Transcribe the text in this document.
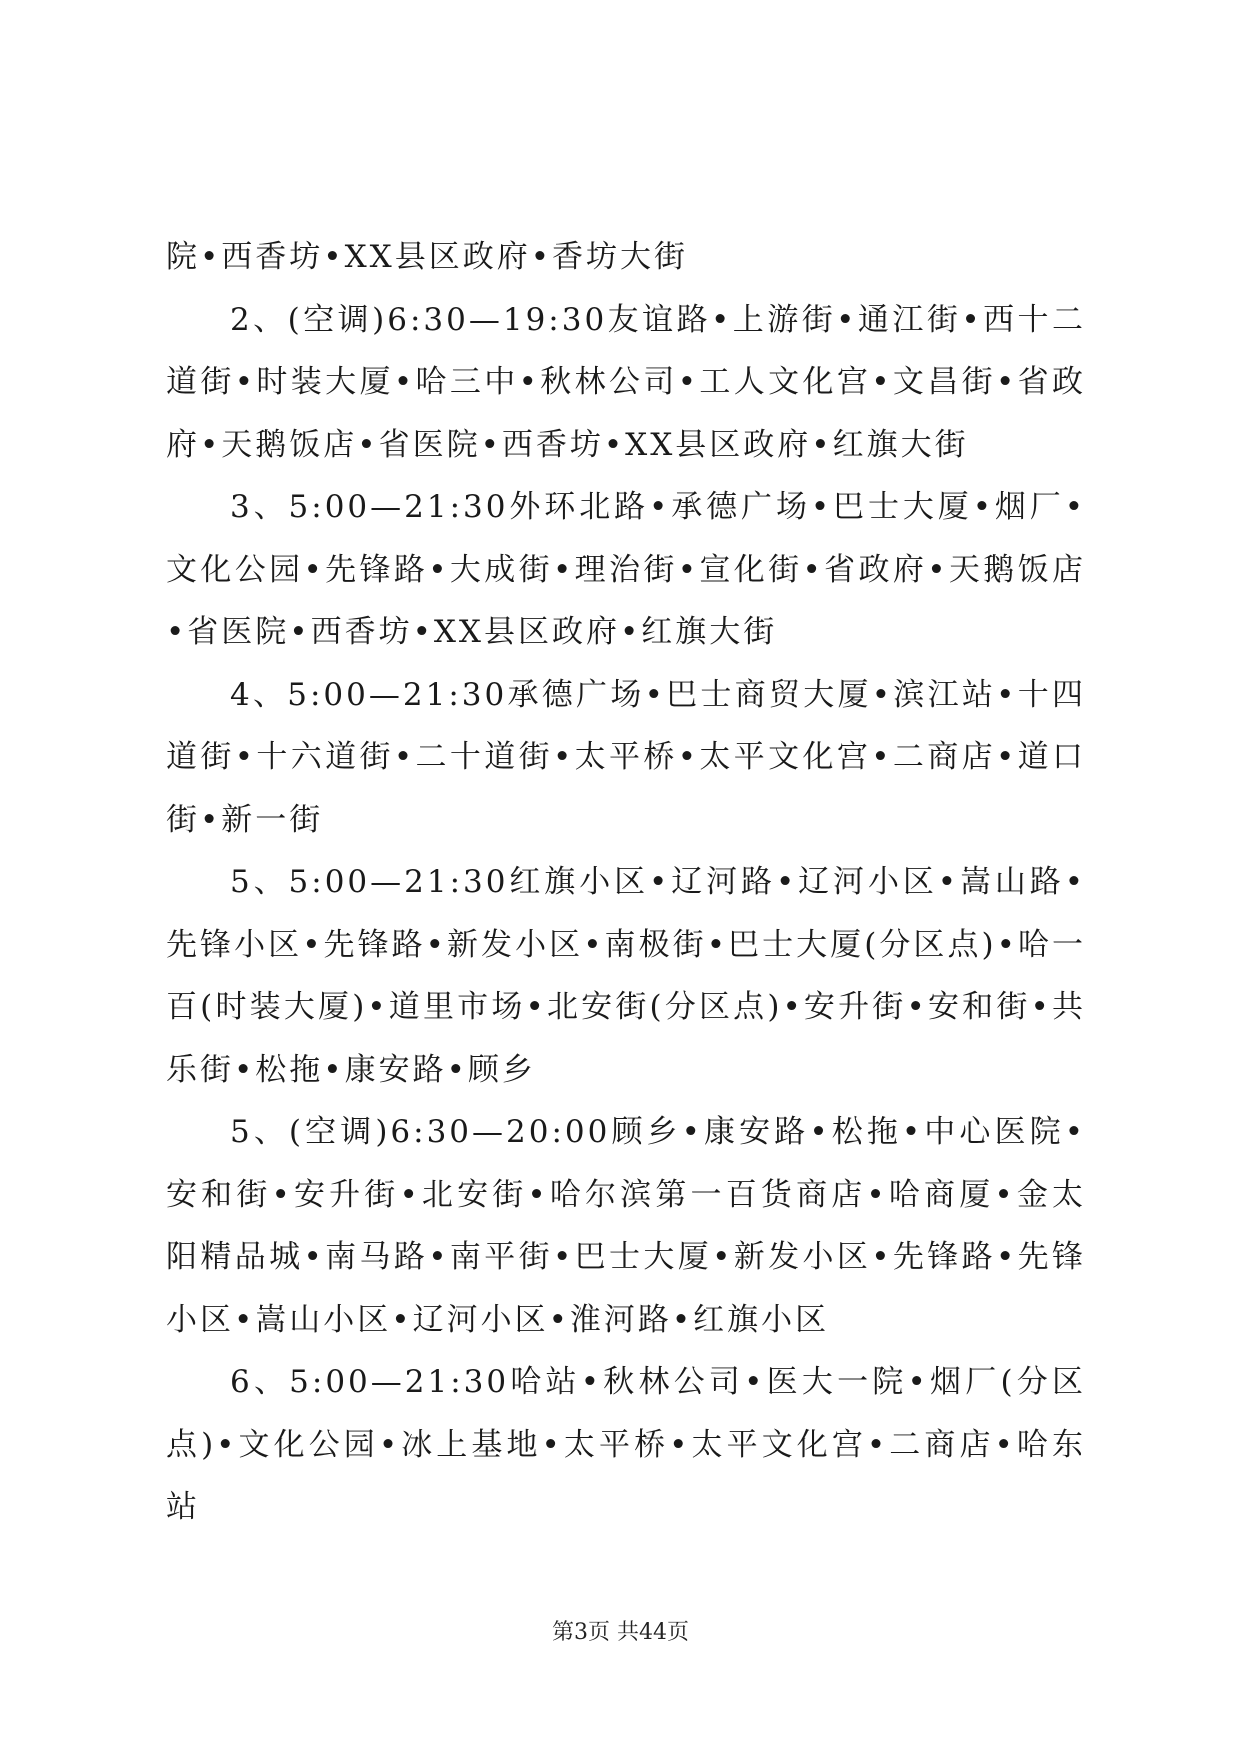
院•西香坊•XX县区政府•香坊大街

2、(空调)6:30—19:30友谊路•上游街•通江街•西十二道街•时装大厦•哈三中•秋林公司•工人文化宫•文昌街•省政府•天鹅饭店•省医院•西香坊•XX县区政府•红旗大街

3、5:00—21:30外环北路•承德广场•巴士大厦•烟厂•文化公园•先锋路•大成街•理治街•宣化街•省政府•天鹅饭店•省医院•西香坊•XX县区政府•红旗大街

4、5:00—21:30承德广场•巴士商贸大厦•滨江站•十四道街•十六道街•二十道街•太平桥•太平文化宫•二商店•道口街•新一街

5、5:00—21:30红旗小区•辽河路•辽河小区•嵩山路•先锋小区•先锋路•新发小区•南极街•巴士大厦(分区点)•哈一百(时装大厦)•道里市场•北安街(分区点)•安升街•安和街•共乐街•松拖•康安路•顾乡

5、(空调)6:30—20:00顾乡•康安路•松拖•中心医院•安和街•安升街•北安街•哈尔滨第一百货商店•哈商厦•金太阳精品城•南马路•南平街•巴士大厦•新发小区•先锋路•先锋小区•嵩山小区•辽河小区•淮河路•红旗小区

6、5:00—21:30哈站•秋林公司•医大一院•烟厂(分区点)•文化公园•冰上基地•太平桥•太平文化宫•二商店•哈东站

第3页 共44页
